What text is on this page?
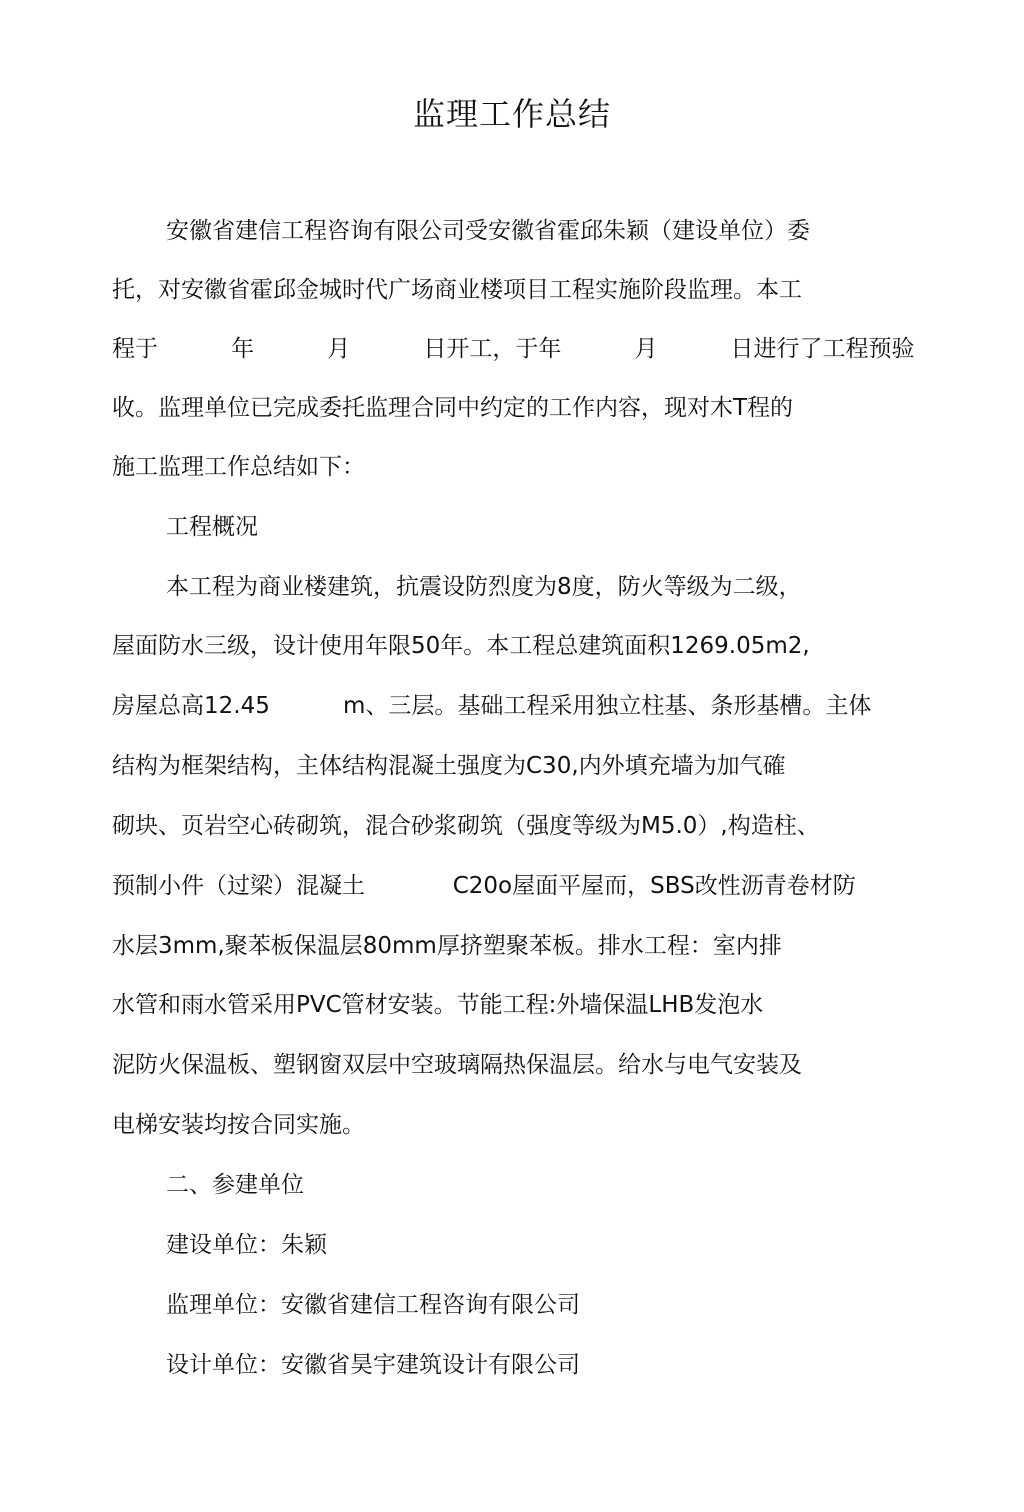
监理工作总结
安徽省建信工程咨询有限公司受安徽省霍邱朱颖（建设单位）委
托，对安徽省霍邱金城时代广场商业楼项目工程实施阶段监理。本工
程于          年          月          日开工，于年          月          日进行了工程预验
收。监理单位已完成委托监理合同中约定的工作内容，现对木T程的
施工监理工作总结如下：
工程概况
本工程为商业楼建筑，抗震设防烈度为8度，防火等级为二级，
屋面防水三级，设计使用年限50年。本工程总建筑面积1269.05m2,
房屋总高12.45          m、三层。基础工程采用独立柱基、条形基槽。主体
结构为框架结构，主体结构混凝土强度为C30,内外填充墙为加气確
砌块、页岩空心砖砌筑，混合砂浆砌筑（强度等级为M5.0）,构造柱、
预制小件（过梁）混凝土            C20o屋面平屋而，SBS改性沥青卷材防
水层3mm,聚苯板保温层80mm厚挤塑聚苯板。排水工程：室内排
水管和雨水管采用PVC管材安装。节能工程:外墙保温LHB发泡水
泥防火保温板、塑钢窗双层中空玻璃隔热保温层。给水与电气安装及
电梯安装均按合同实施。
二、参建单位
建设单位：朱颖
监理单位：安徽省建信工程咨询有限公司
设计单位：安徽省昊宇建筑设计有限公司
